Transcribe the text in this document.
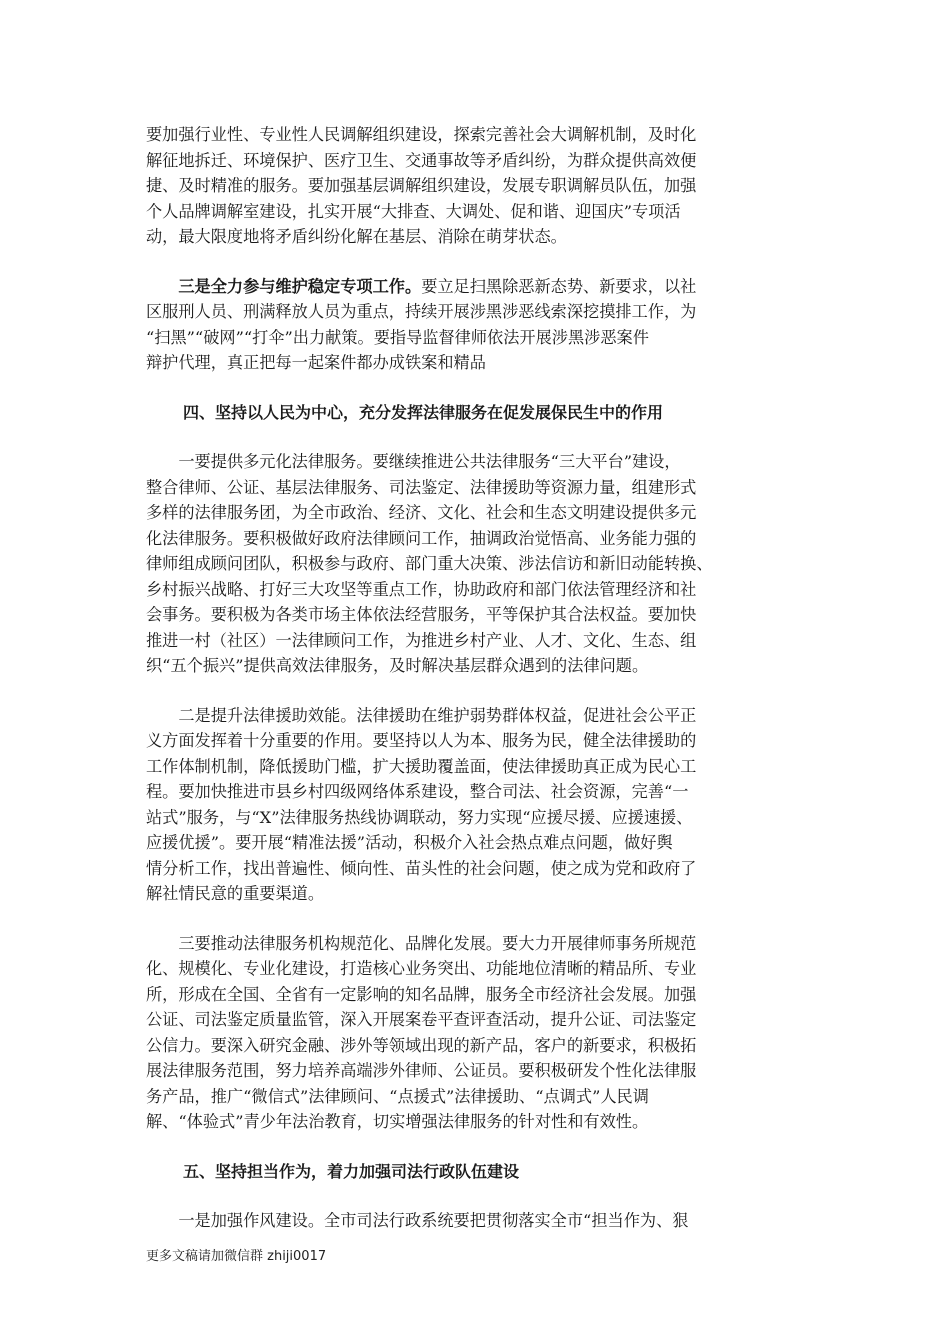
要加强行业性、专业性人民调解组织建设，探索完善社会大调解机制，及时化
解征地拆迁、环境保护、医疗卫生、交通事故等矛盾纠纷，为群众提供高效便
捷、及时精准的服务。要加强基层调解组织建设，发展专职调解员队伍，加强
个人品牌调解室建设，扎实开展“大排查、大调处、促和谐、迎国庆”专项活
动，最大限度地将矛盾纠纷化解在基层、消除在萌芽状态。
　　三是全力参与维护稳定专项工作。要立足扫黑除恶新态势、新要求，以社
区服刑人员、刑满释放人员为重点，持续开展涉黑涉恶线索深挖摸排工作，为
“扫黑”“破网”“打伞”出力献策。要指导监督律师依法开展涉黑涉恶案件
辩护代理，真正把每一起案件都办成铁案和精品
四、坚持以人民为中心，充分发挥法律服务在促发展保民生中的作用
　　一要提供多元化法律服务。要继续推进公共法律服务“三大平台”建设，
整合律师、公证、基层法律服务、司法鉴定、法律援助等资源力量，组建形式
多样的法律服务团，为全市政治、经济、文化、社会和生态文明建设提供多元
化法律服务。要积极做好政府法律顾问工作，抽调政治觉悟高、业务能力强的
律师组成顾问团队，积极参与政府、部门重大决策、涉法信访和新旧动能转换、
乡村振兴战略、打好三大攻坚等重点工作，协助政府和部门依法管理经济和社
会事务。要积极为各类市场主体依法经营服务，平等保护其合法权益。要加快
推进一村（社区）一法律顾问工作，为推进乡村产业、人才、文化、生态、组
织“五个振兴”提供高效法律服务，及时解决基层群众遇到的法律问题。
　　二是提升法律援助效能。法律援助在维护弱势群体权益，促进社会公平正
义方面发挥着十分重要的作用。要坚持以人为本、服务为民，健全法律援助的
工作体制机制，降低援助门槛，扩大援助覆盖面，使法律援助真正成为民心工
程。要加快推进市县乡村四级网络体系建设，整合司法、社会资源，完善“一
站式”服务，与“X”法律服务热线协调联动，努力实现“应援尽援、应援速援、
应援优援”。要开展“精准法援”活动，积极介入社会热点难点问题，做好舆
情分析工作，找出普遍性、倾向性、苗头性的社会问题，使之成为党和政府了
解社情民意的重要渠道。
　　三要推动法律服务机构规范化、品牌化发展。要大力开展律师事务所规范
化、规模化、专业化建设，打造核心业务突出、功能地位清晰的精品所、专业
所，形成在全国、全省有一定影响的知名品牌，服务全市经济社会发展。加强
公证、司法鉴定质量监管，深入开展案卷平查评查活动，提升公证、司法鉴定
公信力。要深入研究金融、涉外等领域出现的新产品，客户的新要求，积极拓
展法律服务范围，努力培养高端涉外律师、公证员。要积极研发个性化法律服
务产品，推广“微信式”法律顾问、“点援式”法律援助、“点调式”人民调
解、“体验式”青少年法治教育，切实增强法律服务的针对性和有效性。
五、坚持担当作为，着力加强司法行政队伍建设
　　一是加强作风建设。全市司法行政系统要把贯彻落实全市“担当作为、狠
更多文稿请加微信群 zhiji0017
